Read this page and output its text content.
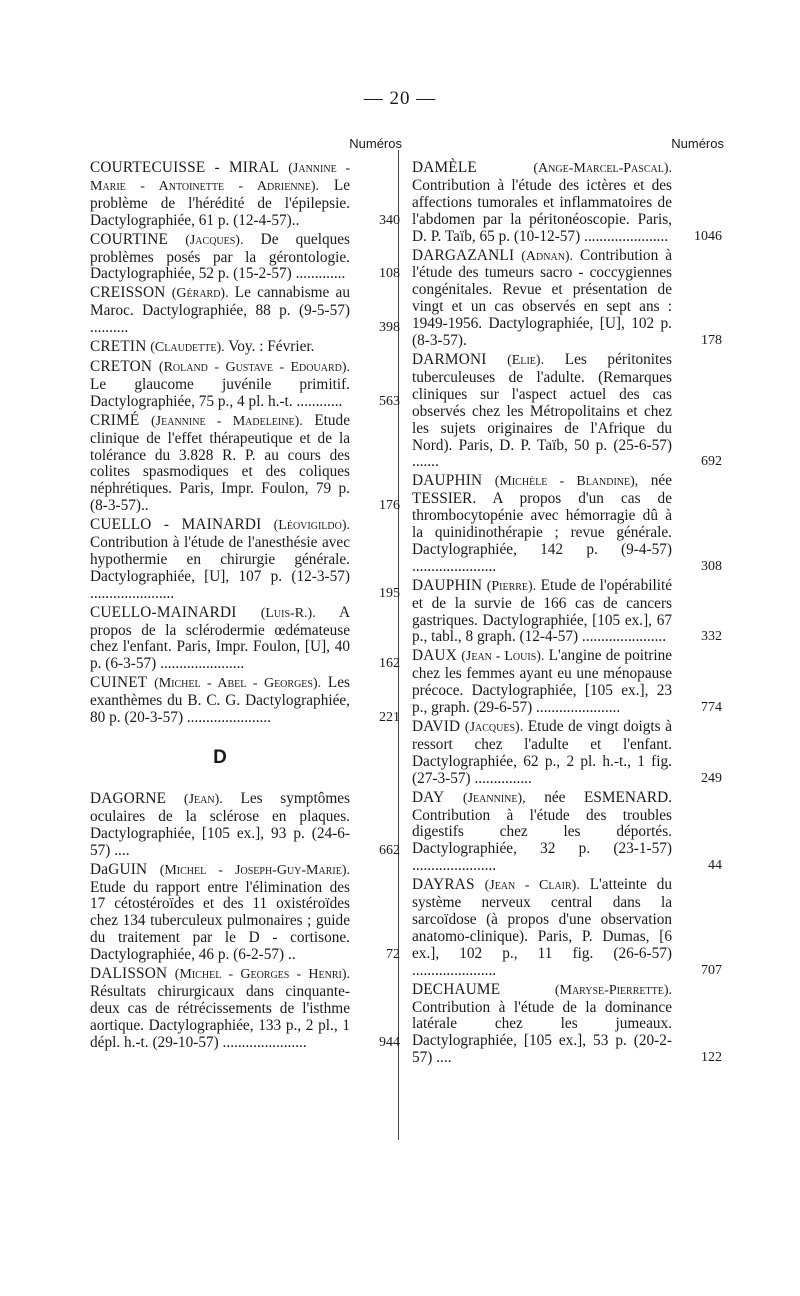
— 20 —
Numéros
COURTECUISSE - MIRAL (Jannine - Marie - Antoinette - Adrienne). Le problème de l'hérédité de l'épilepsie. Dactylographiée, 61 p. (12-4-57)..	340
COURTINE (Jacques). De quelques problèmes posés par la gérontologie. Dactylographiée, 52 p. (15-2-57) .............	108
CREISSON (Gérard). Le cannabisme au Maroc. Dactylographiée, 88 p. (9-5-57) ..........	398
CRETIN (Claudette). Voy. : Février.
CRETON (Roland - Gustave - Edouard). Le glaucome juvénile primitif. Dactylographiée, 75 p., 4 pl. h.-t. ............	563
CRIMÉ (Jeannine - Madeleine). Etude clinique de l'effet thérapeutique et de la tolérance du 3.828 R. P. au cours des colites spasmodiques et des coliques néphrétiques. Paris, Impr. Foulon, 79 p. (8-3-57)..	176
CUELLO - MAINARDI (Léovigildo). Contribution à l'étude de l'anesthésie avec hypothermie en chirurgie générale. Dactylographiée, [U], 107 p. (12-3-57) ......................	195
CUELLO-MAINARDI (Luis-R.). A propos de la sclérodermie œdémateuse chez l'enfant. Paris, Impr. Foulon, [U], 40 p. (6-3-57) ......................	162
CUINET (Michel - Abel - Georges). Les exanthèmes du B. C. G. Dactylographiée, 80 p. (20-3-57) ......................	221
D
DAGORNE (Jean). Les symptômes oculaires de la sclérose en plaques. Dactylographiée, [105 ex.], 93 p. (24-6-57) ....	662
DaGUIN (Michel - Joseph-Guy-Marie). Etude du rapport entre l'élimination des 17 cétostéroïdes et des 11 oxistéroïdes chez 134 tuberculeux pulmonaires ; guide du traitement par le D - cortisone. Dactylographiée, 46 p. (6-2-57) ..	72
DALISSON (Michel - Georges - Henri). Résultats chirurgicaux dans cinquante-deux cas de rétrécissements de l'isthme aortique. Dactylographiée, 133 p., 2 pl., 1 dépl. h.-t. (29-10-57) ......................	944
Numéros
DAMÈLE	(Ange-Marcel-Pascal). Contribution à l'étude des ictères et des affections tumorales et inflammatoires de l'abdomen par la péritonéoscopie. Paris, D. P. Taïb, 65 p. (10-12-57) ...................... 1046
DARGAZANLI (Adnan). Contribution à l'étude des tumeurs sacro - coccygiennes congénitales. Revue et présentation de vingt et un cas observés en sept ans : 1949-1956. Dactylographiée, [U], 102 p. (8-3-57).	178
DARMONI (Elie). Les péritonites tuberculeuses de l'adulte. (Remarques cliniques sur l'aspect actuel des cas observés chez les Métropolitains et chez les sujets originaires de l'Afrique du Nord). Paris, D. P. Taïb, 50 p. (25-6-57) .......	692
DAUPHIN (Michèle - Blandine), née TESSIER. A propos d'un cas de thrombocytopénie avec hémorragie dû à la quinidinothérapie ; revue générale. Dactylographiée, 142 p. (9-4-57) ......................	308
DAUPHIN (Pierre). Etude de l'opérabilité et de la survie de 166 cas de cancers gastriques. Dactylographiée, [105 ex.], 67 p., tabl., 8 graph. (12-4-57) ......................	332
DAUX (Jean - Louis). L'angine de poitrine chez les femmes ayant eu une ménopause précoce. Dactylographiée, [105 ex.], 23 p., graph. (29-6-57) ......................	774
DAVID (Jacques). Etude de vingt doigts à ressort chez l'adulte et l'enfant. Dactylographiée, 62 p., 2 pl. h.-t., 1 fig. (27-3-57) ...............	249
DAY (Jeannine), née ESMENARD. Contribution à l'étude des troubles digestifs chez les déportés. Dactylographiée, 32 p. (23-1-57) ......................	44
DAYRAS (Jean - Clair). L'atteinte du système nerveux central dans la sarcoïdose (à propos d'une observation anatomo-clinique). Paris, P. Dumas, [6 ex.], 102 p., 11 fig. (26-6-57) ......................	707
DECHAUME	(Maryse-Pierrette). Contribution à l'étude de la dominance latérale chez les jumeaux. Dactylographiée, [105 ex.], 53 p. (20-2-57) ....	122
